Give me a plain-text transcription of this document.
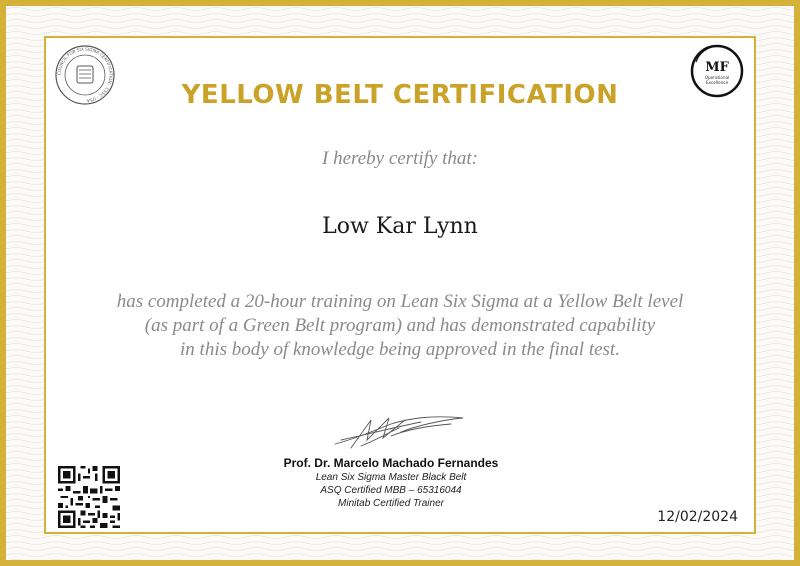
COUNCIL FOR SIX SIGMA CERTIFICATION · CSSC · USA
MF
Operational
Excellence
YELLOW BELT CERTIFICATION
I hereby certify that:
Low Kar Lynn
has completed a 20-hour training on Lean Six Sigma at a Yellow Belt level
(as part of a Green Belt program) and has demonstrated capability
in this body of knowledge being approved in the final test.
Prof. Dr. Marcelo Machado Fernandes
Lean Six Sigma Master Black Belt
ASQ Certified MBB – 65316044
Minitab Certified Trainer
12/02/2024
